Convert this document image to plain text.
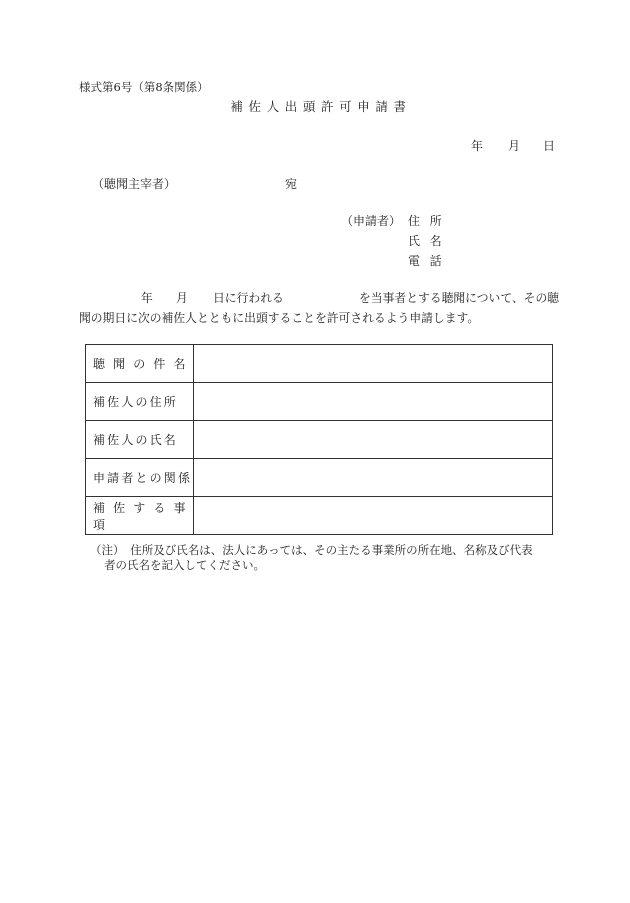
様式第6号（第8条関係）
補佐人出頭許可申請書
年 月 日
（聴聞主宰者）	宛
（申請者） 住所
氏名
電話
年 月 日に行われる	を当事者とする聴聞について、その聴
聞の期日に次の補佐人とともに出頭することを許可されるよう申請します。
聴 聞 の 件 名	
補佐人の住所	
補佐人の氏名	
申請者との関係	
補 佐 す る 事 項	
（注）　住所及び氏名は、法人にあっては、その主たる事業所の所在地、名称及び代表
者の氏名を記入してください。
